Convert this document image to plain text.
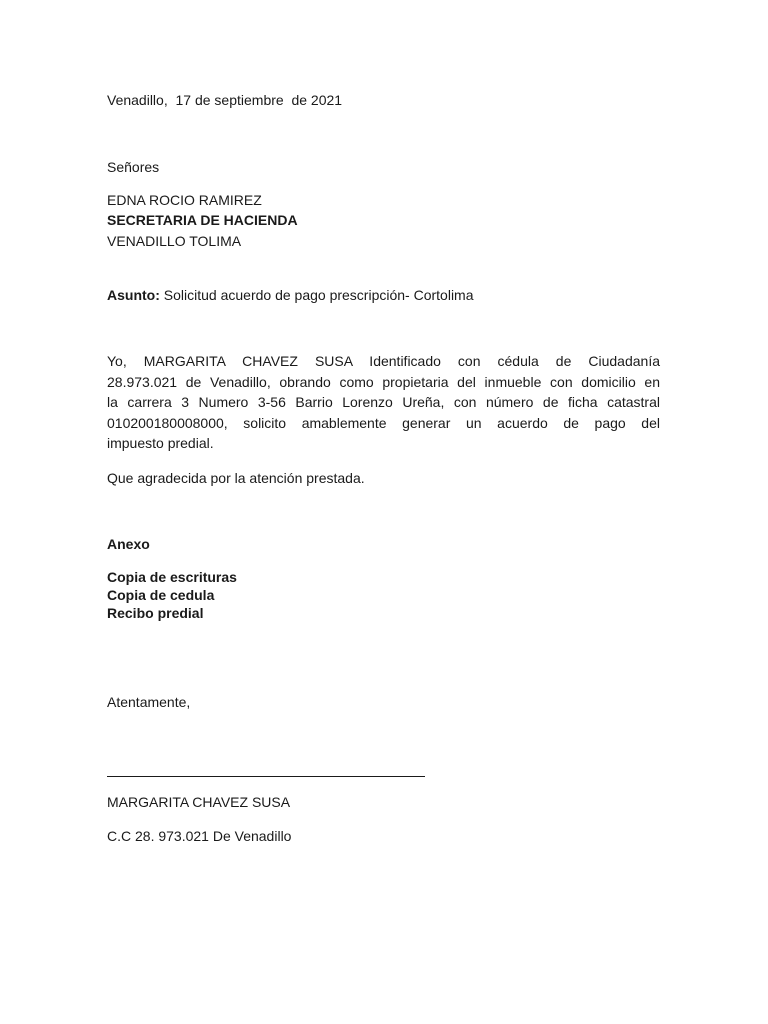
Venadillo,  17 de septiembre  de 2021
Señores
EDNA ROCIO RAMIREZ
SECRETARIA DE HACIENDA
VENADILLO TOLIMA
Asunto: Solicitud acuerdo de pago prescripción- Cortolima
Yo, MARGARITA CHAVEZ SUSA Identificado con cédula de Ciudadanía
28.973.021 de Venadillo, obrando como propietaria del inmueble con domicilio en
la carrera 3 Numero 3-56 Barrio Lorenzo Ureña, con número de ficha catastral
010200180008000, solicito amablemente generar un acuerdo de pago del
impuesto predial.
Que agradecida por la atención prestada.
Anexo
Copia de escrituras
Copia de cedula
Recibo predial
Atentamente,
MARGARITA CHAVEZ SUSA
C.C 28. 973.021 De Venadillo
